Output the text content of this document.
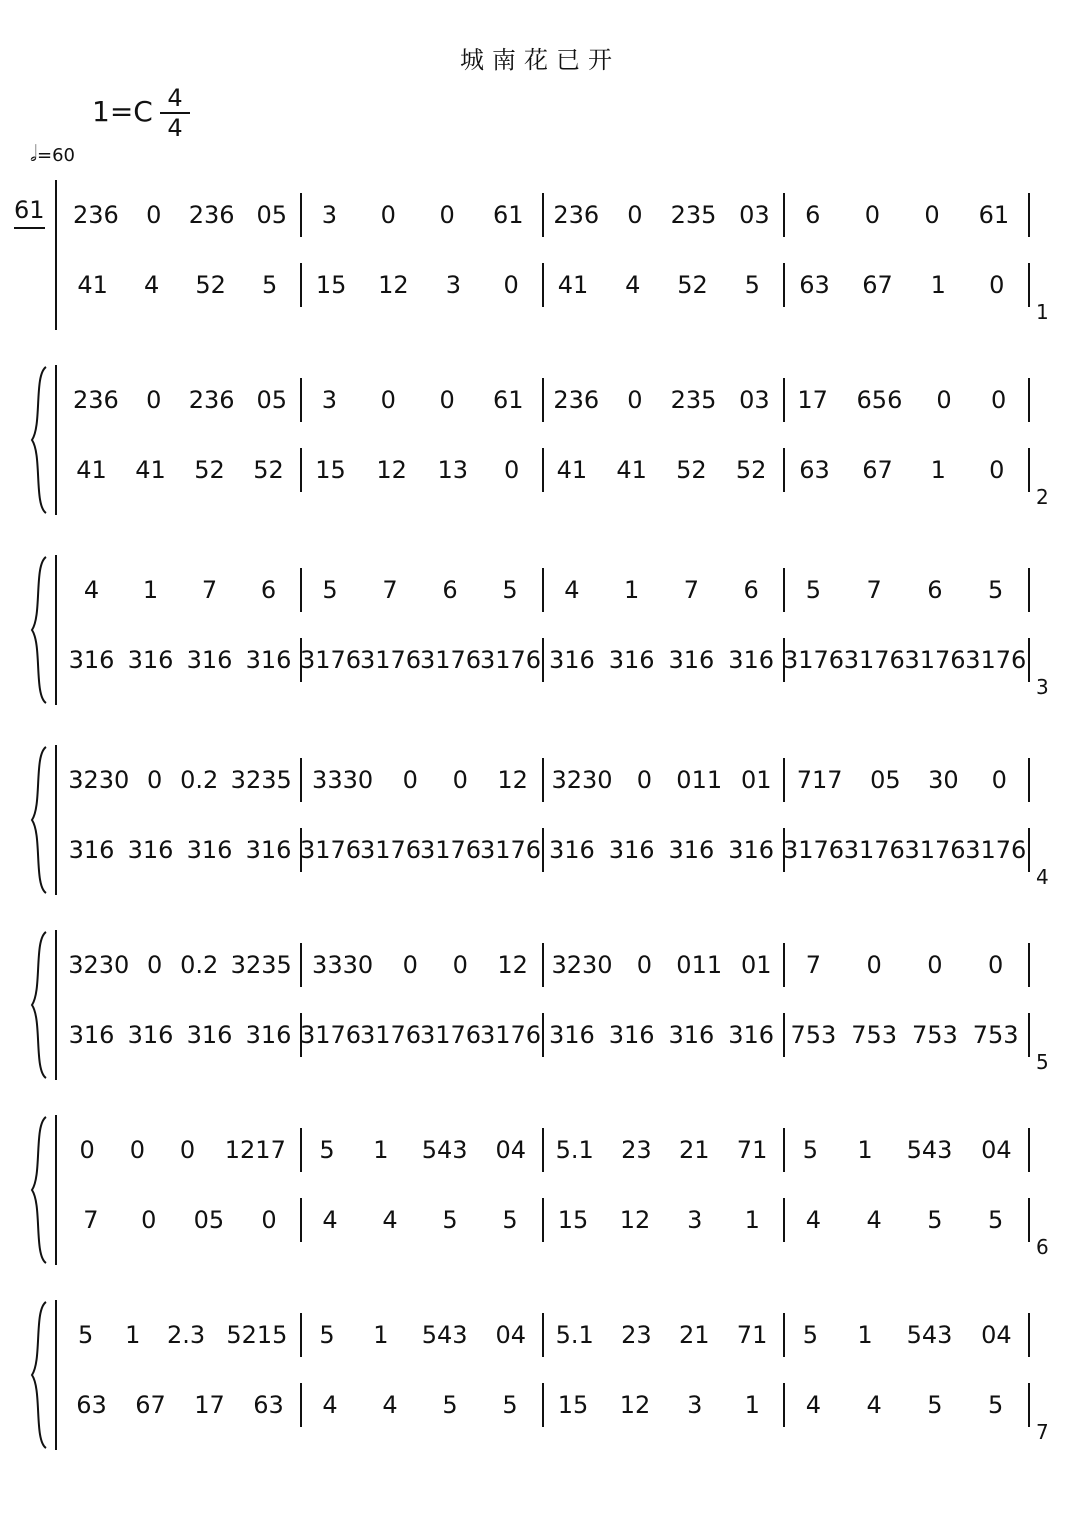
城南花已开
1=C 4
4
𝅗𝅥=60
61 236 0 236 05 3 0 0 61 236 0 235 03 6 0 0 61
41 4 52 5 15 12 3 0 41 4 52 5 63 67 1 0
1
236 0 236 05 3 0 0 61 236 0 235 03 17 656 0 0
41 41 52 52 15 12 13 0 41 41 52 52 63 67 1 0
2
4 1 7 6 5 7 6 5 4 1 7 6 5 7 6 5
316 316 316 316 3176
3176
3176
3176 316 316 316 316 3176 3176 3176 3176
3
3230 0 0.2 3235 3330 0 0 12 3230 0 011 01 717 05 30 0
316 316 316 316 3176
3176
3176
3176 316 316 316 316 3176 3176 3176 3176
4
3230 0 0.2 3235 3330 0 0 12 3230 0 011 01 7 0 0 0
316 316 316 316 3176
3176
3176
3176 316 316 316 316 753 753 753 753
5
0 0 0 1217 5 1 543 04 5.1 23 21 71 5 1 543 04
7 0 05 0 4 4 5 5 15 12 3 1 4 4 5 5
6
5 1 2.3 5215 5 1 543 04 5.1 23 21 71 5 1 543 04
63 67 17 63 4 4 5 5 15 12 3 1 4 4 5 5
7
